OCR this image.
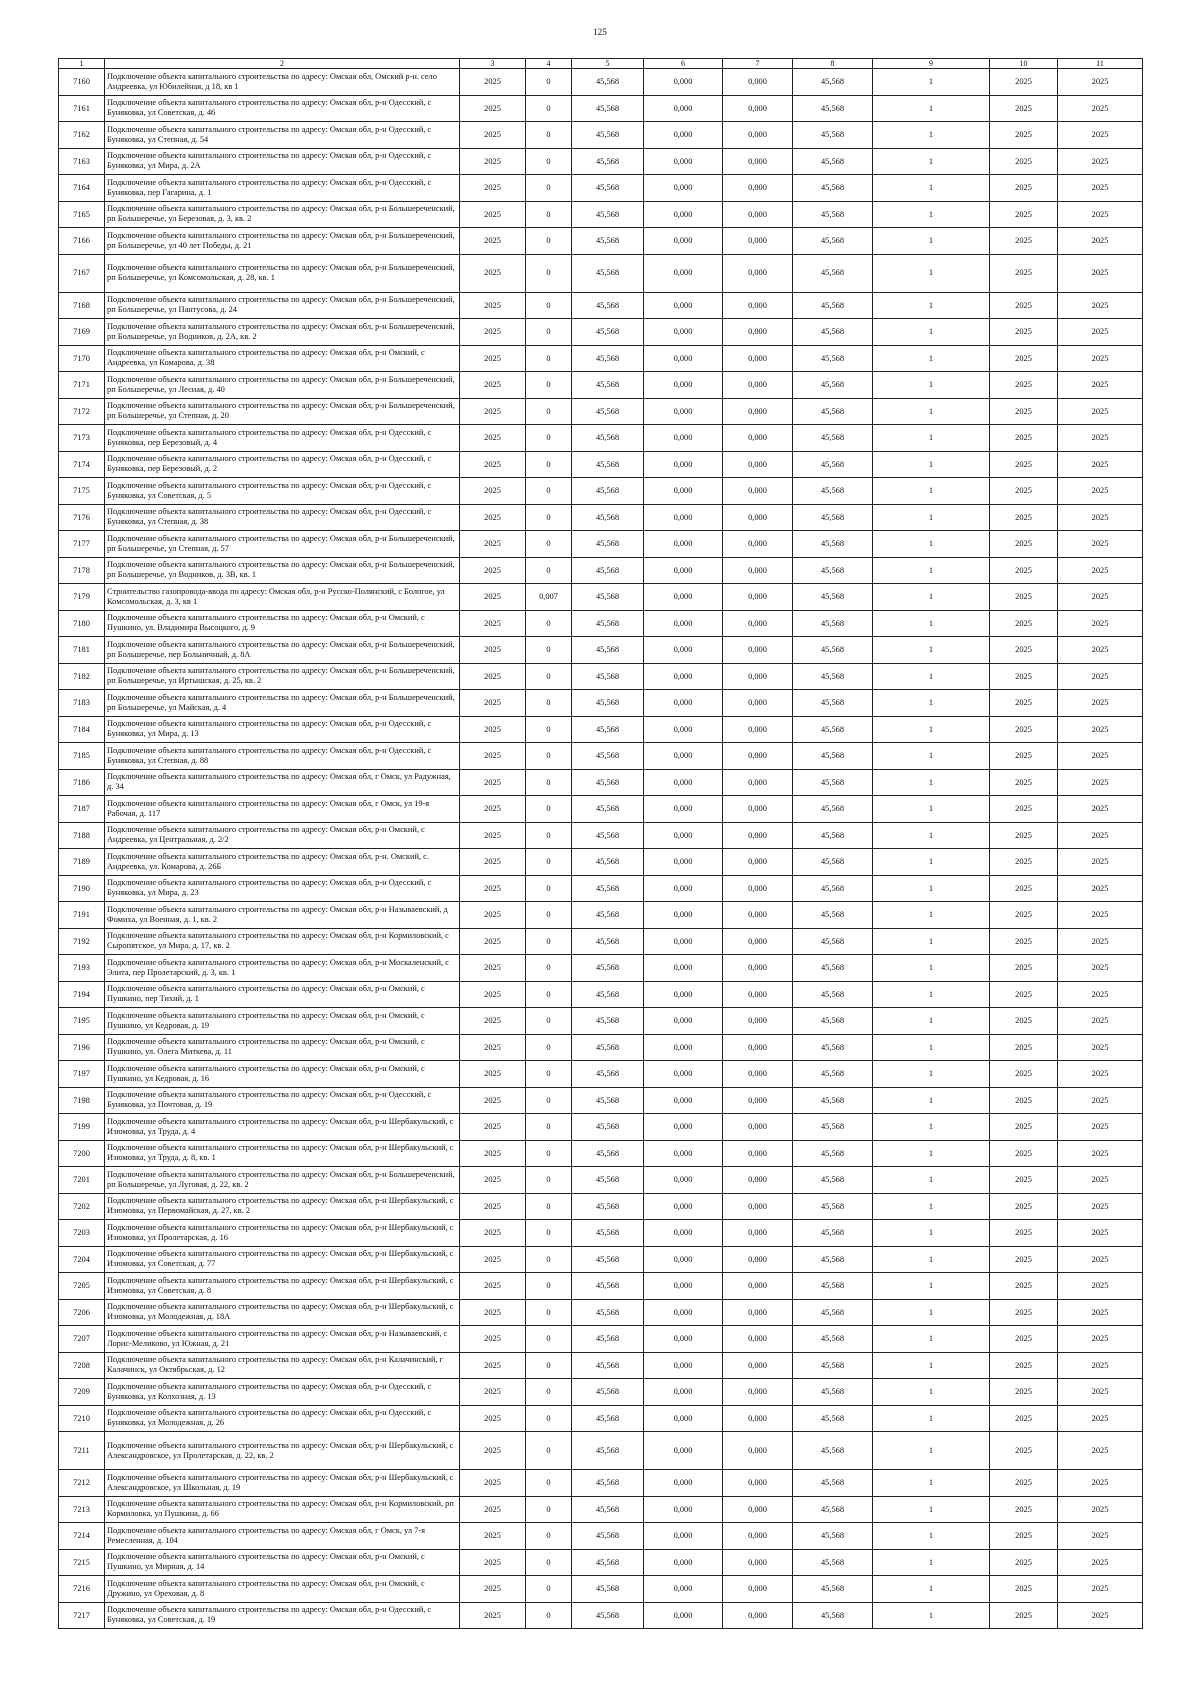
125
1	2	3	4	5	6	7	8	9	10	11
7160	Подключение объекта капитального строительства по адресу: Омская обл, Омский р-н. село Андреевка, ул Юбилейная, д 18, кв 1	2025	0	45,568	0,000	0,000	45,568	1	2025	2025
7161	Подключение объекта капитального строительства по адресу: Омская обл, р-н Одесский, с Буняковка, ул Советская, д. 46	2025	0	45,568	0,000	0,000	45,568	1	2025	2025
7162	Подключение объекта капитального строительства по адресу: Омская обл, р-н Одесский, с Буняковка, ул Степная, д. 54	2025	0	45,568	0,000	0,000	45,568	1	2025	2025
7163	Подключение объекта капитального строительства по адресу: Омская обл, р-н Одесский, с Буняковка, ул Мира, д. 2А	2025	0	45,568	0,000	0,000	45,568	1	2025	2025
7164	Подключение объекта капитального строительства по адресу: Омская обл, р-н Одесский, с Буняковка, пер Гагарина, д. 1	2025	0	45,568	0,000	0,000	45,568	1	2025	2025
7165	Подключение объекта капитального строительства по адресу: Омская обл, р-н Большереченский, рп Большеречье, ул Березовая, д. 3, кв. 2	2025	0	45,568	0,000	0,000	45,568	1	2025	2025
7166	Подключение объекта капитального строительства по адресу: Омская обл, р-н Большереченский, рп Большеречье, ул 40 лет Победы, д. 21	2025	0	45,568	0,000	0,000	45,568	1	2025	2025
7167	Подключение объекта капитального строительства по адресу: Омская обл, р-н Большереченский, рп Большеречье, ул Комсомольская, д. 28, кв. 1	2025	0	45,568	0,000	0,000	45,568	1	2025	2025
7168	Подключение объекта капитального строительства по адресу: Омская обл, р-н Большереченский, рп Большеречье, ул Пантусова, д. 24	2025	0	45,568	0,000	0,000	45,568	1	2025	2025
7169	Подключение объекта капитального строительства по адресу: Омская обл, р-н Большереченский, рп Большеречье, ул Водников, д. 2А, кв. 2	2025	0	45,568	0,000	0,000	45,568	1	2025	2025
7170	Подключение объекта капитального строительства по адресу: Омская обл, р-н Омский, с Андреевка, ул Комарова, д. 38	2025	0	45,568	0,000	0,000	45,568	1	2025	2025
7171	Подключение объекта капитального строительства по адресу: Омская обл, р-н Большереченский, рп Большеречье, ул Лесная, д. 40	2025	0	45,568	0,000	0,000	45,568	1	2025	2025
7172	Подключение объекта капитального строительства по адресу: Омская обл, р-н Большереченский, рп Большеречье, ул Степная, д. 20	2025	0	45,568	0,000	0,000	45,568	1	2025	2025
7173	Подключение объекта капитального строительства по адресу: Омская обл, р-н Одесский, с Буняковка, пер Березовый, д. 4	2025	0	45,568	0,000	0,000	45,568	1	2025	2025
7174	Подключение объекта капитального строительства по адресу: Омская обл, р-н Одесский, с Буняковка, пер Березовый, д. 2	2025	0	45,568	0,000	0,000	45,568	1	2025	2025
7175	Подключение объекта капитального строительства по адресу: Омская обл, р-н Одесский, с Буняковка, ул Советская, д. 5	2025	0	45,568	0,000	0,000	45,568	1	2025	2025
7176	Подключение объекта капитального строительства по адресу: Омская обл, р-н Одесский, с Буняковка, ул Степная, д. 38	2025	0	45,568	0,000	0,000	45,568	1	2025	2025
7177	Подключение объекта капитального строительства по адресу: Омская обл, р-н Большереченский, рп Большеречье, ул Степная, д. 57	2025	0	45,568	0,000	0,000	45,568	1	2025	2025
7178	Подключение объекта капитального строительства по адресу: Омская обл, р-н Большереченский, рп Большеречье, ул Водников, д. 3В, кв. 1	2025	0	45,568	0,000	0,000	45,568	1	2025	2025
7179	Строительство газопровода-ввода по адресу: Омская обл, р-н Русско-Полянский, с Бологое, ул Комсомольская, д. 3, кв 1	2025	0,007	45,568	0,000	0,000	45,568	1	2025	2025
7180	Подключение объекта капитального строительства по адресу: Омская обл, р-н Омский, с Пушкино, ул. Владимира Высоцкого, д. 9	2025	0	45,568	0,000	0,000	45,568	1	2025	2025
7181	Подключение объекта капитального строительства по адресу: Омская обл, р-н Большереченский, рп Большеречье, пер Больничный, д. 8А	2025	0	45,568	0,000	0,000	45,568	1	2025	2025
7182	Подключение объекта капитального строительства по адресу: Омская обл, р-н Большереченский, рп Большеречье, ул Иртышская, д. 25, кв. 2	2025	0	45,568	0,000	0,000	45,568	1	2025	2025
7183	Подключение объекта капитального строительства по адресу: Омская обл, р-н Большереченский, рп Большеречье, ул Майская, д. 4	2025	0	45,568	0,000	0,000	45,568	1	2025	2025
7184	Подключение объекта капитального строительства по адресу: Омская обл, р-н Одесский, с Буняковка, ул Мира, д. 13	2025	0	45,568	0,000	0,000	45,568	1	2025	2025
7185	Подключение объекта капитального строительства по адресу: Омская обл, р-н Одесский, с Буняковка, ул Степная, д. 88	2025	0	45,568	0,000	0,000	45,568	1	2025	2025
7186	Подключение объекта капитального строительства по адресу: Омская обл, г Омск, ул Радужная, д. 34	2025	0	45,568	0,000	0,000	45,568	1	2025	2025
7187	Подключение объекта капитального строительства по адресу: Омская обл, г Омск, ул 19-я Рабочая, д. 117	2025	0	45,568	0,000	0,000	45,568	1	2025	2025
7188	Подключение объекта капитального строительства по адресу: Омская обл, р-н Омский, с Андреевка, ул Центральная, д. 2/2	2025	0	45,568	0,000	0,000	45,568	1	2025	2025
7189	Подключение объекта капитального строительства по адресу: Омская обл, р-н. Омский, с. Андреевка, ул. Комарова, д. 26Б	2025	0	45,568	0,000	0,000	45,568	1	2025	2025
7190	Подключение объекта капитального строительства по адресу: Омская обл, р-н Одесский, с Буняковка, ул Мира, д. 23	2025	0	45,568	0,000	0,000	45,568	1	2025	2025
7191	Подключение объекта капитального строительства по адресу: Омская обл, р-н Называевский, д Фомиха, ул Военная, д. 1, кв. 2	2025	0	45,568	0,000	0,000	45,568	1	2025	2025
7192	Подключение объекта капитального строительства по адресу: Омская обл, р-н Кормиловский, с Сыропятское, ул Мира, д. 17, кв. 2	2025	0	45,568	0,000	0,000	45,568	1	2025	2025
7193	Подключение объекта капитального строительства по адресу: Омская обл, р-н Москаленский, с Элита, пер Пролетарский, д. 3, кв. 1	2025	0	45,568	0,000	0,000	45,568	1	2025	2025
7194	Подключение объекта капитального строительства по адресу: Омская обл, р-н Омский, с Пушкино, пер Тихий, д. 1	2025	0	45,568	0,000	0,000	45,568	1	2025	2025
7195	Подключение объекта капитального строительства по адресу: Омская обл, р-н Омский, с Пушкино, ул Кедровая, д. 19	2025	0	45,568	0,000	0,000	45,568	1	2025	2025
7196	Подключение объекта капитального строительства по адресу: Омская обл, р-н Омский, с Пушкино, ул. Олега Миткева, д. 11	2025	0	45,568	0,000	0,000	45,568	1	2025	2025
7197	Подключение объекта капитального строительства по адресу: Омская обл, р-н Омский, с Пушкино, ул Кедровая, д. 16	2025	0	45,568	0,000	0,000	45,568	1	2025	2025
7198	Подключение объекта капитального строительства по адресу: Омская обл, р-н Одесский, с Буняковка, ул Почтовая, д. 19	2025	0	45,568	0,000	0,000	45,568	1	2025	2025
7199	Подключение объекта капитального строительства по адресу: Омская обл, р-н Шербакульский, с Изюмовка, ул Труда, д. 4	2025	0	45,568	0,000	0,000	45,568	1	2025	2025
7200	Подключение объекта капитального строительства по адресу: Омская обл, р-н Шербакульский, с Изюмовка, ул Труда, д. 8, кв. 1	2025	0	45,568	0,000	0,000	45,568	1	2025	2025
7201	Подключение объекта капитального строительства по адресу: Омская обл, р-н Большереченский, рп Большеречье, ул Луговая, д. 22, кв. 2	2025	0	45,568	0,000	0,000	45,568	1	2025	2025
7202	Подключение объекта капитального строительства по адресу: Омская обл, р-н Шербакульский, с Изюмовка, ул Первомайская, д. 27, кв. 2	2025	0	45,568	0,000	0,000	45,568	1	2025	2025
7203	Подключение объекта капитального строительства по адресу: Омская обл, р-н Шербакульский, с Изюмовка, ул Пролетарская, д. 16	2025	0	45,568	0,000	0,000	45,568	1	2025	2025
7204	Подключение объекта капитального строительства по адресу: Омская обл, р-н Шербакульский, с Изюмовка, ул Советская, д. 77	2025	0	45,568	0,000	0,000	45,568	1	2025	2025
7205	Подключение объекта капитального строительства по адресу: Омская обл, р-н Шербакульский, с Изюмовка, ул Советская, д. 8	2025	0	45,568	0,000	0,000	45,568	1	2025	2025
7206	Подключение объекта капитального строительства по адресу: Омская обл, р-н Шербакульский, с Изюмовка, ул Молодежная, д. 18А	2025	0	45,568	0,000	0,000	45,568	1	2025	2025
7207	Подключение объекта капитального строительства по адресу: Омская обл, р-н Называевский, с Лорис-Меликово, ул Южная, д. 21	2025	0	45,568	0,000	0,000	45,568	1	2025	2025
7208	Подключение объекта капитального строительства по адресу: Омская обл, р-н Калачинский, г Калачинск, ул Октябрьская, д. 12	2025	0	45,568	0,000	0,000	45,568	1	2025	2025
7209	Подключение объекта капитального строительства по адресу: Омская обл, р-н Одесский, с Буняковка, ул Колхозная, д. 13	2025	0	45,568	0,000	0,000	45,568	1	2025	2025
7210	Подключение объекта капитального строительства по адресу: Омская обл, р-н Одесский, с Буняковка, ул Молодежная, д. 26	2025	0	45,568	0,000	0,000	45,568	1	2025	2025
7211	Подключение объекта капитального строительства по адресу: Омская обл, р-н Шербакульский, с Александровское, ул Пролетарская, д. 22, кв. 2	2025	0	45,568	0,000	0,000	45,568	1	2025	2025
7212	Подключение объекта капитального строительства по адресу: Омская обл, р-н Шербакульский, с Александровское, ул Школьная, д. 19	2025	0	45,568	0,000	0,000	45,568	1	2025	2025
7213	Подключение объекта капитального строительства по адресу: Омская обл, р-н Кормиловский, рп Кормиловка, ул Пушкина, д. 66	2025	0	45,568	0,000	0,000	45,568	1	2025	2025
7214	Подключение объекта капитального строительства по адресу: Омская обл, г Омск, ул 7-я Ремесленная, д. 104	2025	0	45,568	0,000	0,000	45,568	1	2025	2025
7215	Подключение объекта капитального строительства по адресу: Омская обл, р-н Омский, с Пушкино, ул Мирная, д. 14	2025	0	45,568	0,000	0,000	45,568	1	2025	2025
7216	Подключение объекта капитального строительства по адресу: Омская обл, р-н Омский, с Дружино, ул Ореховая, д. 8	2025	0	45,568	0,000	0,000	45,568	1	2025	2025
7217	Подключение объекта капитального строительства по адресу: Омская обл, р-н Одесский, с Буняковка, ул Советская, д. 19	2025	0	45,568	0,000	0,000	45,568	1	2025	2025
